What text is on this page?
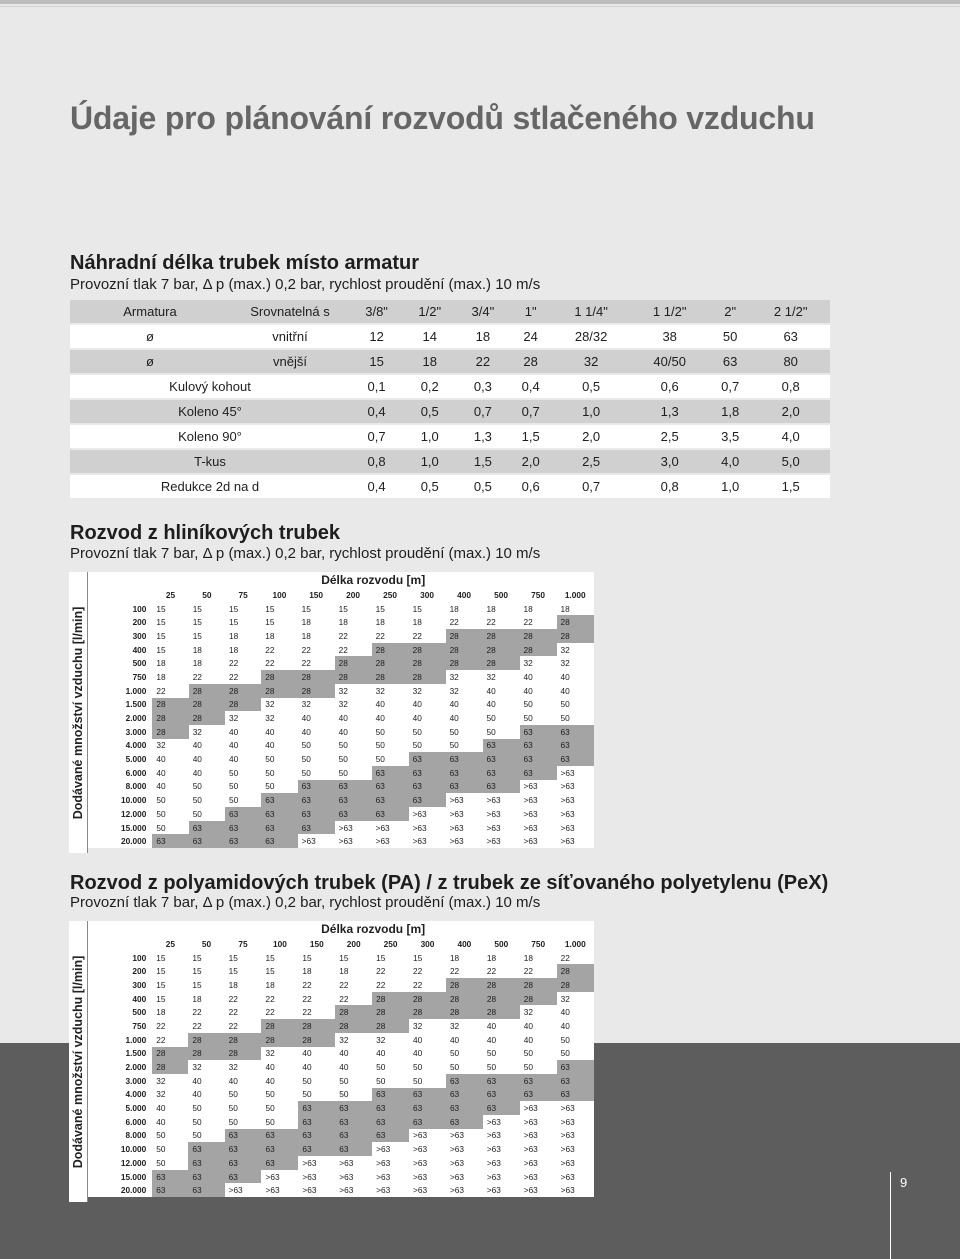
Údaje pro plánování rozvodů stlačeného vzduchu
Náhradní délka trubek místo armatur

Provozní tlak 7 bar, Δ p (max.) 0,2 bar, rychlost proudění (max.) 10 m/s

Armatura	Srovnatelná s	3/8"	1/2"	3/4"	1"	1 1/4"	1 1/2"	2"	2 1/2"
ø	vnitřní	12	14	18	24	28/32	38	50	63
ø	vnější	15	18	22	28	32	40/50	63	80
Kulový kohout		0,1	0,2	0,3	0,4	0,5	0,6	0,7	0,8
Koleno 45°		0,4	0,5	0,7	0,7	1,0	1,3	1,8	2,0
Koleno 90°		0,7	1,0	1,3	1,5	2,0	2,5	3,5	4,0
T-kus		0,8	1,0	1,5	2,0	2,5	3,0	4,0	5,0
Redukce 2d na d		0,4	0,5	0,5	0,6	0,7	0,8	1,0	1,5
Rozvod z hliníkových trubek

Provozní tlak 7 bar, Δ p (max.) 0,2 bar, rychlost proudění (max.) 10 m/s

Dodávané množství vzduchu [l/min]
	Délka rozvodu [m]											
	25	50	75	100	150	200	250	300	400	500	750	1.000
100	15	15	15	15	15	15	15	15	18	18	18	18
200	15	15	15	15	18	18	18	18	22	22	22	28
300	15	15	18	18	18	22	22	22	28	28	28	28
400	15	18	18	22	22	22	28	28	28	28	28	32
500	18	18	22	22	22	28	28	28	28	28	32	32
750	18	22	22	28	28	28	28	28	32	32	40	40
1.000	22	28	28	28	28	32	32	32	32	40	40	40
1.500	28	28	28	32	32	32	40	40	40	40	50	50
2.000	28	28	32	32	40	40	40	40	40	50	50	50
3.000	28	32	40	40	40	40	50	50	50	50	63	63
4.000	32	40	40	40	50	50	50	50	50	63	63	63
5.000	40	40	40	50	50	50	50	63	63	63	63	63
6.000	40	40	50	50	50	50	63	63	63	63	63	>63
8.000	40	50	50	50	63	63	63	63	63	63	>63	>63
10.000	50	50	50	63	63	63	63	63	>63	>63	>63	>63
12.000	50	50	63	63	63	63	63	>63	>63	>63	>63	>63
15.000	50	63	63	63	63	>63	>63	>63	>63	>63	>63	>63
20.000	63	63	63	63	>63	>63	>63	>63	>63	>63	>63	>63
Rozvod z polyamidových trubek (PA) / z trubek ze síťovaného polyetylenu (PeX)

Provozní tlak 7 bar, Δ p (max.) 0,2 bar, rychlost proudění (max.) 10 m/s

Dodávané množství vzduchu [l/min]
	Délka rozvodu [m]											
	25	50	75	100	150	200	250	300	400	500	750	1.000
100	15	15	15	15	15	15	15	15	18	18	18	22
200	15	15	15	15	18	18	22	22	22	22	22	28
300	15	15	18	18	22	22	22	22	28	28	28	28
400	15	18	22	22	22	22	28	28	28	28	28	32
500	18	22	22	22	22	28	28	28	28	28	32	40
750	22	22	22	28	28	28	28	32	32	40	40	40
1.000	22	28	28	28	28	32	32	40	40	40	40	50
1.500	28	28	28	32	40	40	40	40	50	50	50	50
2.000	28	32	32	40	40	40	50	50	50	50	50	63
3.000	32	40	40	40	50	50	50	50	63	63	63	63
4.000	32	40	50	50	50	50	63	63	63	63	63	63
5.000	40	50	50	50	63	63	63	63	63	63	>63	>63
6.000	40	50	50	50	63	63	63	63	63	>63	>63	>63
8.000	50	50	63	63	63	63	63	>63	>63	>63	>63	>63
10.000	50	63	63	63	63	63	>63	>63	>63	>63	>63	>63
12.000	50	63	63	63	>63	>63	>63	>63	>63	>63	>63	>63
15.000	63	63	63	>63	>63	>63	>63	>63	>63	>63	>63	>63
20.000	63	63	>63	>63	>63	>63	>63	>63	>63	>63	>63	>63
9
